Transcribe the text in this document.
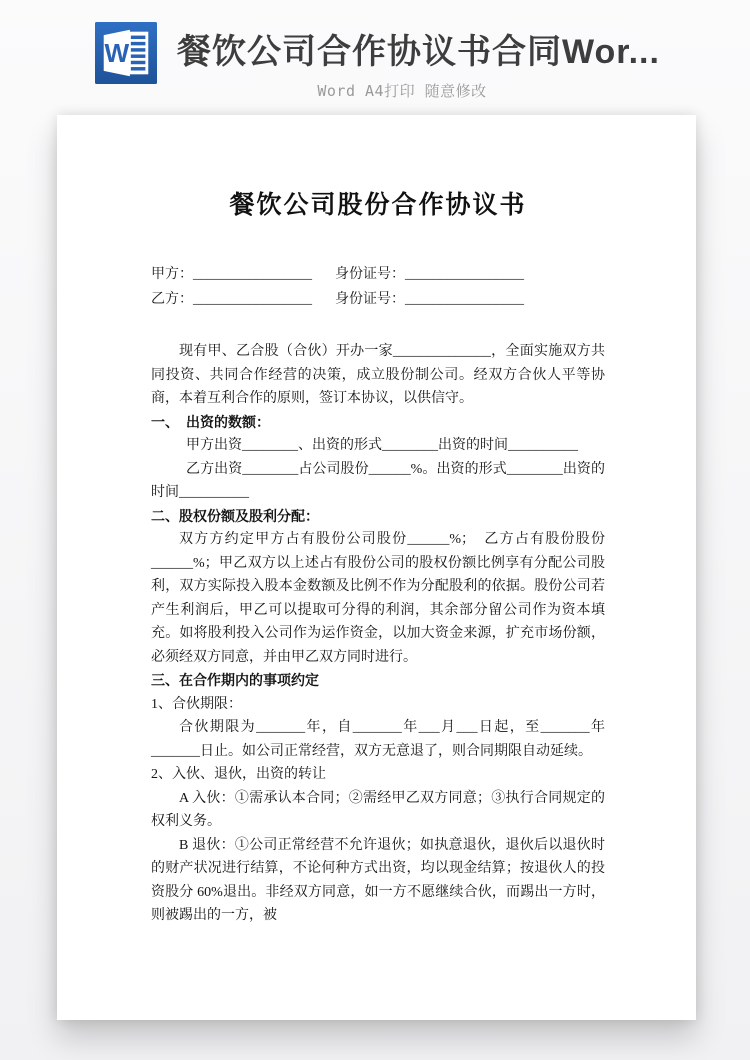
W 餐饮公司合作协议书合同Wor...
Word A4打印 随意修改
餐饮公司股份合作协议书
甲方：_________________	身份证号：_________________
乙方：_________________	身份证号：_________________

现有甲、乙合股（合伙）开办一家______________，全面实施双方共同投资、共同合作经营的决策，成立股份制公司。经双方合伙人平等协商，本着互利合作的原则，签订本协议，以供信守。

一、　出资的数额：

甲方出资________、出资的形式________出资的时间__________

乙方出资________占公司股份______%。出资的形式________出资的时间__________

二、股权份额及股利分配：

双方方约定甲方占有股份公司股份______%；　乙方占有股份股份______%；甲乙双方以上述占有股份公司的股权份额比例享有分配公司股利，双方实际投入股本金数额及比例不作为分配股利的依据。股份公司若产生利润后，甲乙可以提取可分得的利润，其余部分留公司作为资本填充。如将股利投入公司作为运作资金，以加大资金来源，扩充市场份额，必须经双方同意，并由甲乙双方同时进行。

三、在合作期内的事项约定

1、合伙期限：

合伙期限为_______年，自_______年___月___日起，至_______年_______日止。如公司正常经营，双方无意退了，则合同期限自动延续。

2、入伙、退伙，出资的转让

A 入伙：①需承认本合同；②需经甲乙双方同意；③执行合同规定的权利义务。

B 退伙：①公司正常经营不允许退伙；如执意退伙，退伙后以退伙时的财产状况进行结算，不论何种方式出资，均以现金结算；按退伙人的投资股分 60%退出。非经双方同意，如一方不愿继续合伙，而踢出一方时，则被踢出的一方，被
